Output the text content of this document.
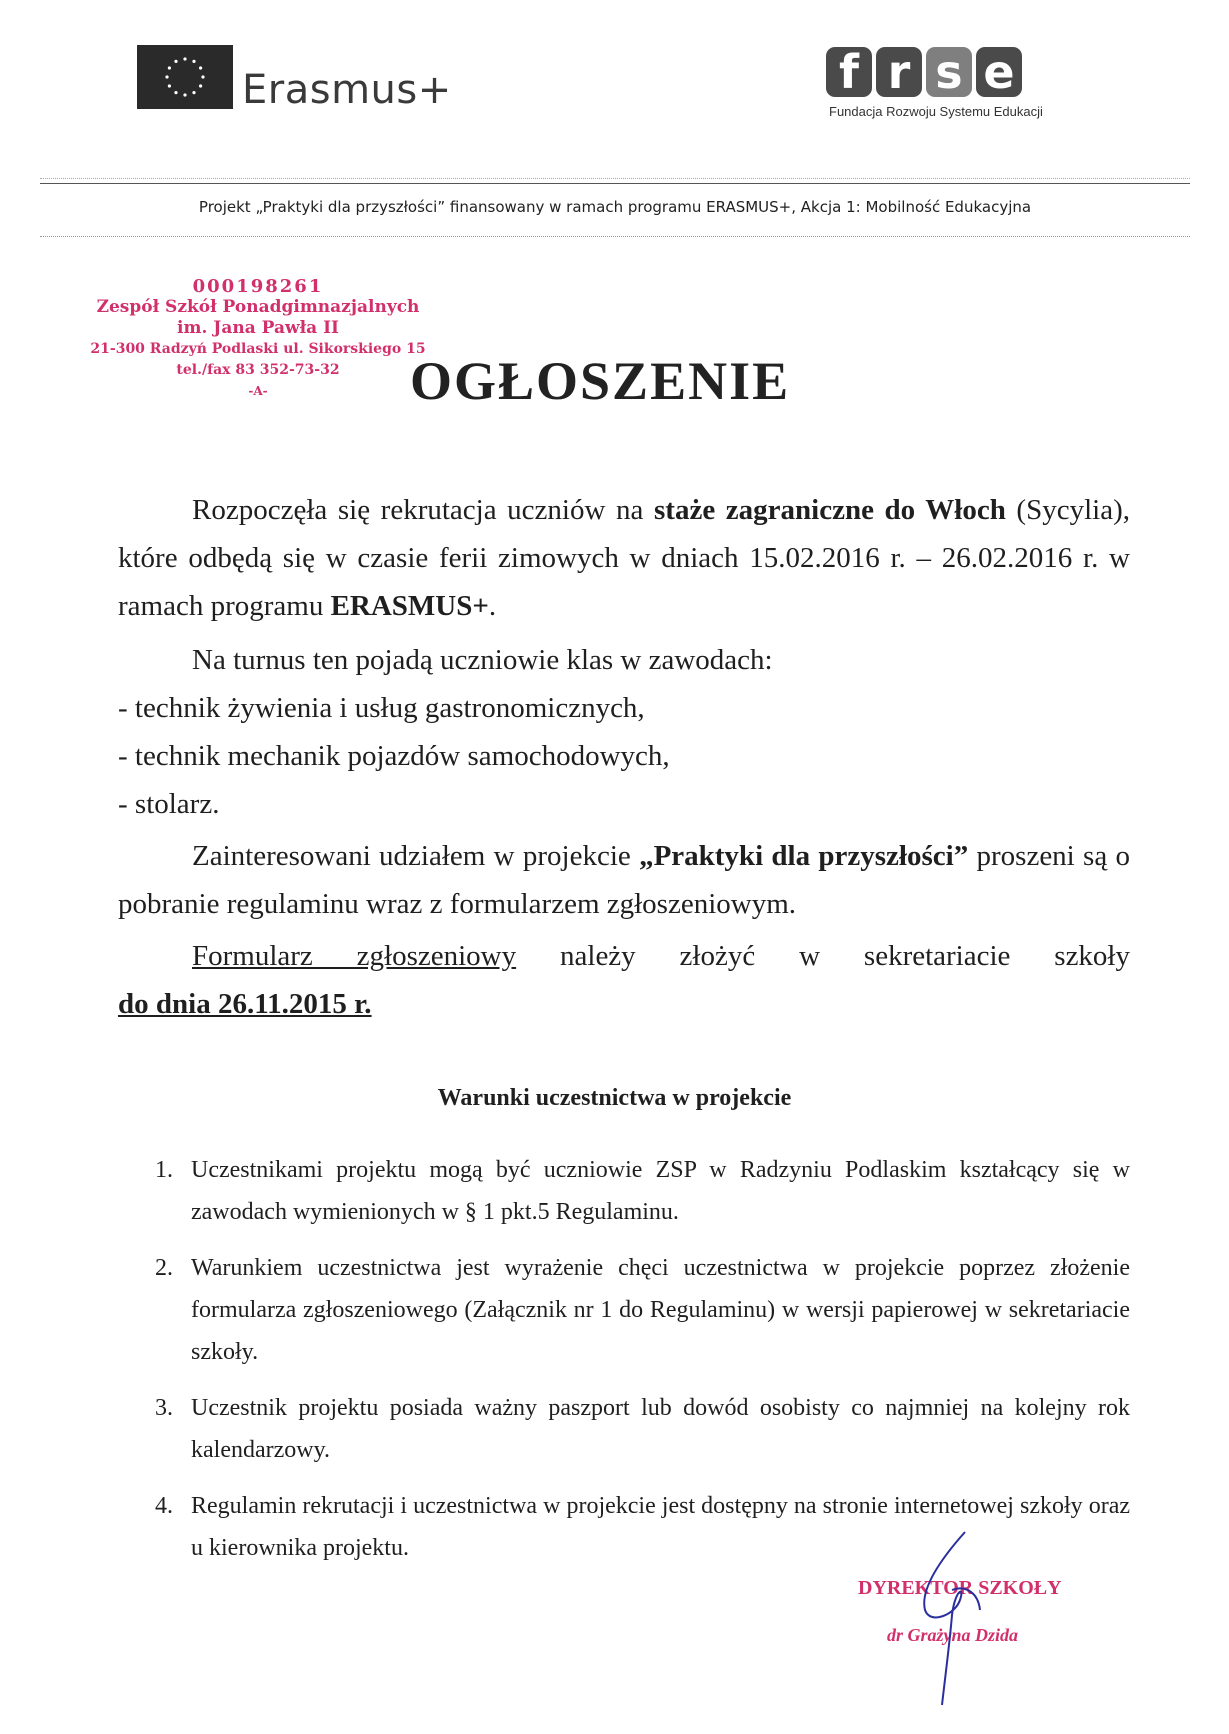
Erasmus+	f r s e
Fundacja Rozwoju Systemu Edukacji
Projekt „Praktyki dla przyszłości” finansowany w ramach programu ERASMUS+, Akcja 1: Mobilność Edukacyjna
000198261
Zespół Szkół Ponadgimnazjalnych
im. Jana Pawła II
21-300 Radzyń Podlaski ul. Sikorskiego 15
tel./fax 83 352-73-32
-A-	OGŁOSZENIE
Rozpoczęła się rekrutacja uczniów na staże zagraniczne do Włoch (Sycylia), które odbędą się w czasie ferii zimowych w dniach 15.02.2016 r. – 26.02.2016 r. w ramach programu ERASMUS+.
Na turnus ten pojadą uczniowie klas w zawodach:
- technik żywienia i usług gastronomicznych,
- technik mechanik pojazdów samochodowych,
- stolarz.
Zainteresowani udziałem w projekcie „Praktyki dla przyszłości” proszeni są o pobranie regulaminu wraz z formularzem zgłoszeniowym.
Formularz zgłoszeniowy należy złożyć w sekretariacie szkoły
do dnia 26.11.2015 r.
Warunki uczestnictwa w projekcie
1. Uczestnikami projektu mogą być uczniowie ZSP w Radzyniu Podlaskim kształcący się w zawodach wymienionych w § 1 pkt.5 Regulaminu.
2. Warunkiem uczestnictwa jest wyrażenie chęci uczestnictwa w projekcie poprzez złożenie formularza zgłoszeniowego (Załącznik nr 1 do Regulaminu) w wersji papierowej w sekretariacie szkoły.
3. Uczestnik projektu posiada ważny paszport lub dowód osobisty co najmniej na kolejny rok kalendarzowy.
4. Regulamin rekrutacji i uczestnictwa w projekcie jest dostępny na stronie internetowej szkoły oraz u kierownika projektu.
DYREKTOR SZKOŁY
dr Grażyna Dzida
